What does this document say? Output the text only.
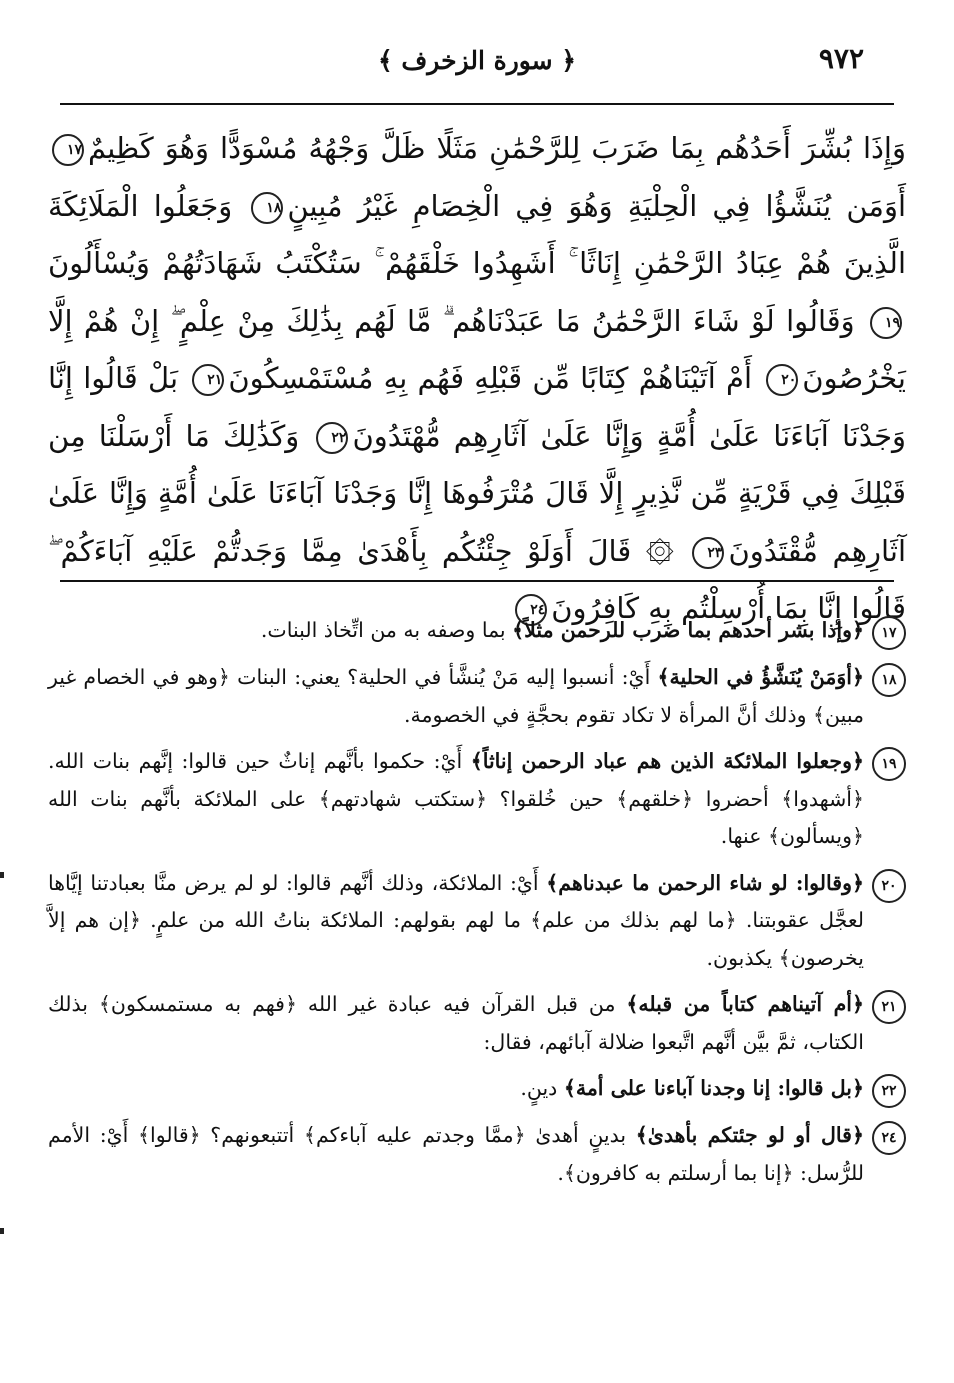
٩٧٢
﴿ سورة الزخرف ﴾
وَإِذَا بُشِّرَ أَحَدُهُم بِمَا ضَرَبَ لِلرَّحْمَٰنِ مَثَلًا ظَلَّ وَجْهُهُ مُسْوَدًّا وَهُوَ كَظِيمٌ١٧ أَوَمَن يُنَشَّؤُا فِي الْحِلْيَةِ وَهُوَ فِي الْخِصَامِ غَيْرُ مُبِينٍ١٨ وَجَعَلُوا الْمَلَائِكَةَ الَّذِينَ هُمْ عِبَادُ الرَّحْمَٰنِ إِنَاثًا ۚ أَشَهِدُوا خَلْقَهُمْ ۚ سَتُكْتَبُ شَهَادَتُهُمْ وَيُسْأَلُونَ١٩ وَقَالُوا لَوْ شَاءَ الرَّحْمَٰنُ مَا عَبَدْنَاهُم ۗ مَّا لَهُم بِذَٰلِكَ مِنْ عِلْمٍ ۖ إِنْ هُمْ إِلَّا يَخْرُصُونَ٢٠ أَمْ آتَيْنَاهُمْ كِتَابًا مِّن قَبْلِهِ فَهُم بِهِ مُسْتَمْسِكُونَ٢١ بَلْ قَالُوا إِنَّا وَجَدْنَا آبَاءَنَا عَلَىٰ أُمَّةٍ وَإِنَّا عَلَىٰ آثَارِهِم مُّهْتَدُونَ٢٢ وَكَذَٰلِكَ مَا أَرْسَلْنَا مِن قَبْلِكَ فِي قَرْيَةٍ مِّن نَّذِيرٍ إِلَّا قَالَ مُتْرَفُوهَا إِنَّا وَجَدْنَا آبَاءَنَا عَلَىٰ أُمَّةٍ وَإِنَّا عَلَىٰ آثَارِهِم مُّقْتَدُونَ٢٣ ۞ قَالَ أَوَلَوْ جِئْتُكُم بِأَهْدَىٰ مِمَّا وَجَدتُّمْ عَلَيْهِ آبَاءَكُمْ ۖ قَالُوا إِنَّا بِمَا أُرْسِلْتُم بِهِ كَافِرُونَ٢٤
١٧
﴿وإذا بشر أحدهم بما ضرب للرحمن مثلاً﴾ بما وصفه به من اتِّخاذ البنات.
١٨
﴿أوَمَنْ يُنَشَّؤُ في الحلية﴾ أَيْ: أنسبوا إليه مَنْ يُنشَّأ في الحلية؟ يعني: البنات ﴿وهو في الخصام غير مبين﴾ وذلك أنَّ المرأة لا تكاد تقوم بحجَّةٍ في الخصومة.
١٩
﴿وجعلوا الملائكة الذين هم عباد الرحمن إناثاً﴾ أَيْ: حكموا بأنَّهم إناثٌ حين قالوا: إنَّهم بنات الله. ﴿أشهدوا﴾ أحضروا ﴿خلقهم﴾ حين خُلقوا؟ ﴿ستكتب شهادتهم﴾ على الملائكة بأنَّهم بنات الله ﴿ويسألون﴾ عنها.
٢٠
﴿وقالوا: لو شاء الرحمن ما عبدناهم﴾ أَيْ: الملائكة، وذلك أنَّهم قالوا: لو لم يرض منَّا بعبادتنا إيَّاها لعجَّل عقوبتنا. ﴿ما لهم بذلك من علم﴾ ما لهم بقولهم: الملائكة بناتُ الله من علمٍ. ﴿إن هم إلاَّ يخرصون﴾ يكذبون.
٢١
﴿أم آتيناهم كتاباً من قبله﴾ من قبل القرآن فيه عبادة غير الله ﴿فهم به مستمسكون﴾ بذلك الكتاب، ثمَّ بيَّن أنَّهم اتَّبعوا ضلالة آبائهم، فقال:
٢٢
﴿بل قالوا: إنا وجدنا آباءنا على أمة﴾ دينٍ.
٢٤
﴿قال أو لو جئتكم بأهدىٰ﴾ بدينٍ أهدىٰ ﴿ممَّا وجدتم عليه آباءكم﴾ أتتبعونهم؟ ﴿قالوا﴾ أَيْ: الأمم للرُّسل: ﴿إنا بما أرسلتم به كافرون﴾.
